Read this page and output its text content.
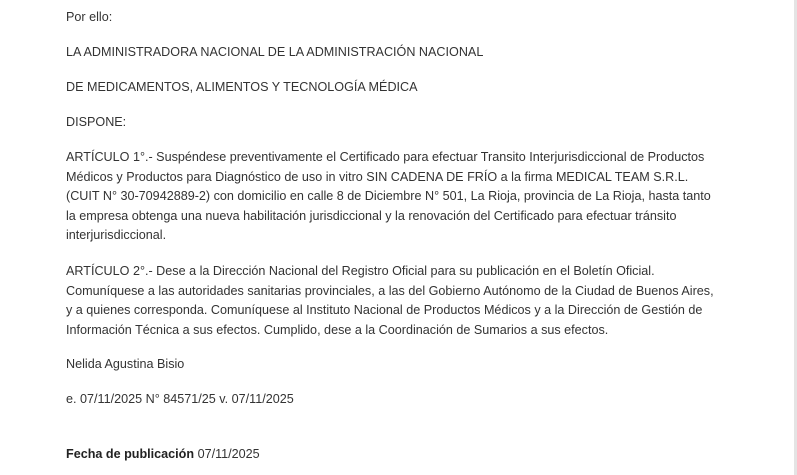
Por ello:
LA ADMINISTRADORA NACIONAL DE LA ADMINISTRACIÓN NACIONAL
DE MEDICAMENTOS, ALIMENTOS Y TECNOLOGÍA MÉDICA
DISPONE:
ARTÍCULO 1°.- Suspéndese preventivamente el Certificado para efectuar Transito Interjurisdiccional de Productos
Médicos y Productos para Diagnóstico de uso in vitro SIN CADENA DE FRÍO a la firma MEDICAL TEAM S.R.L.
(CUIT N° 30-70942889-2) con domicilio en calle 8 de Diciembre N° 501, La Rioja, provincia de La Rioja, hasta tanto
la empresa obtenga una nueva habilitación jurisdiccional y la renovación del Certificado para efectuar tránsito
interjurisdiccional.
ARTÍCULO 2°.- Dese a la Dirección Nacional del Registro Oficial para su publicación en el Boletín Oficial.
Comuníquese a las autoridades sanitarias provinciales, a las del Gobierno Autónomo de la Ciudad de Buenos Aires,
y a quienes corresponda. Comuníquese al Instituto Nacional de Productos Médicos y a la Dirección de Gestión de
Información Técnica a sus efectos. Cumplido, dese a la Coordinación de Sumarios a sus efectos.
Nelida Agustina Bisio
e. 07/11/2025 N° 84571/25 v. 07/11/2025
Fecha de publicación 07/11/2025
